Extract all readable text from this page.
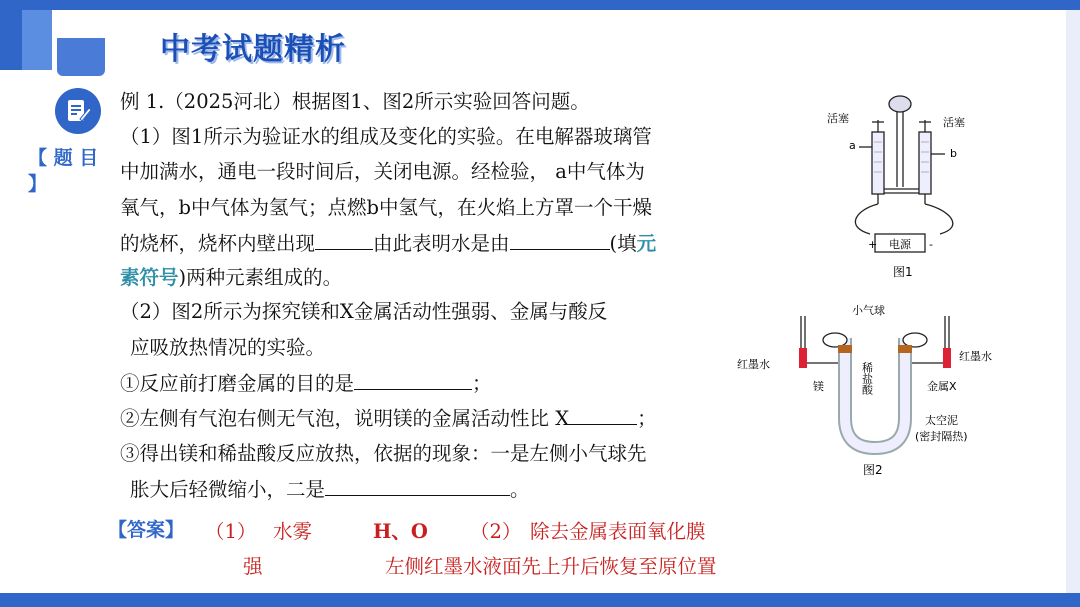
中考试题精析
【 题 目 】
例 1.（2025河北）根据图1、图2所示实验回答问题。
（1）图1所示为验证水的组成及变化的实验。在电解器玻璃管
中加满水，通电一段时间后，关闭电源。经检验， a中气体为
氧气，b中气体为氢气；点燃b中氢气，在火焰上方罩一个干燥
的烧杯，烧杯内壁出现	由此表明水是由	(填元
素符号)两种元素组成的。
（2）图2所示为探究镁和X金属活动性强弱、金属与酸反
应吸放热情况的实验。
①反应前打磨金属的目的是	；
②左侧有气泡右侧无气泡，说明镁的金属活动性比 X	；
③得出镁和稀盐酸反应放热，依据的现象：一是左侧小气球先
胀大后轻微缩小，二是	。
【答案】 （1） 水雾	H、O （2） 除去金属表面氧化膜
强	左侧红墨水液面先上升后恢复至原位置
活塞	活塞
a
b
+ 电源 -
图1
小气球
红墨水
红墨水
稀盐酸
镁	金属X
太空泥
(密封隔热)
图2
